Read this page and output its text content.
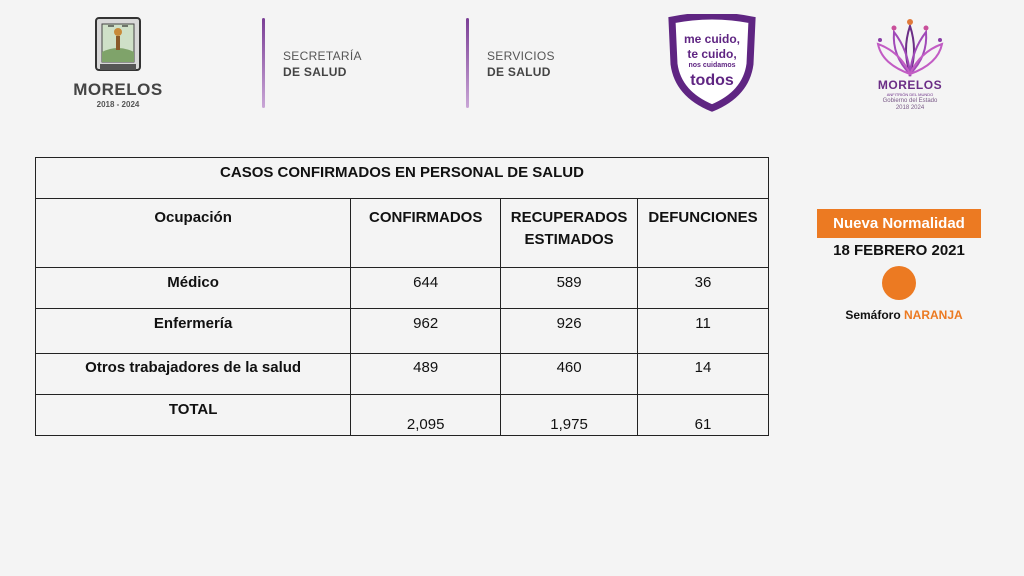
MORELOS
2018 - 2024
SECRETARÍA
DE SALUD
SERVICIOS
DE SALUD
me cuido,
te cuido,
nos cuidamos
todos	MORELOS
ANFITRIÓN DEL MUNDO
Gobierno del Estado
2018 2024
CASOS CONFIRMADOS EN PERSONAL DE SALUD			
Ocupación	CONFIRMADOS	RECUPERADOS ESTIMADOS	DEFUNCIONES
Médico	644	589	36
Enfermería	962	926	11
Otros trabajadores de la salud	489	460	14
TOTAL	2,095	1,975	61
Nueva Normalidad
18 FEBRERO 2021
Semáforo NARANJA
